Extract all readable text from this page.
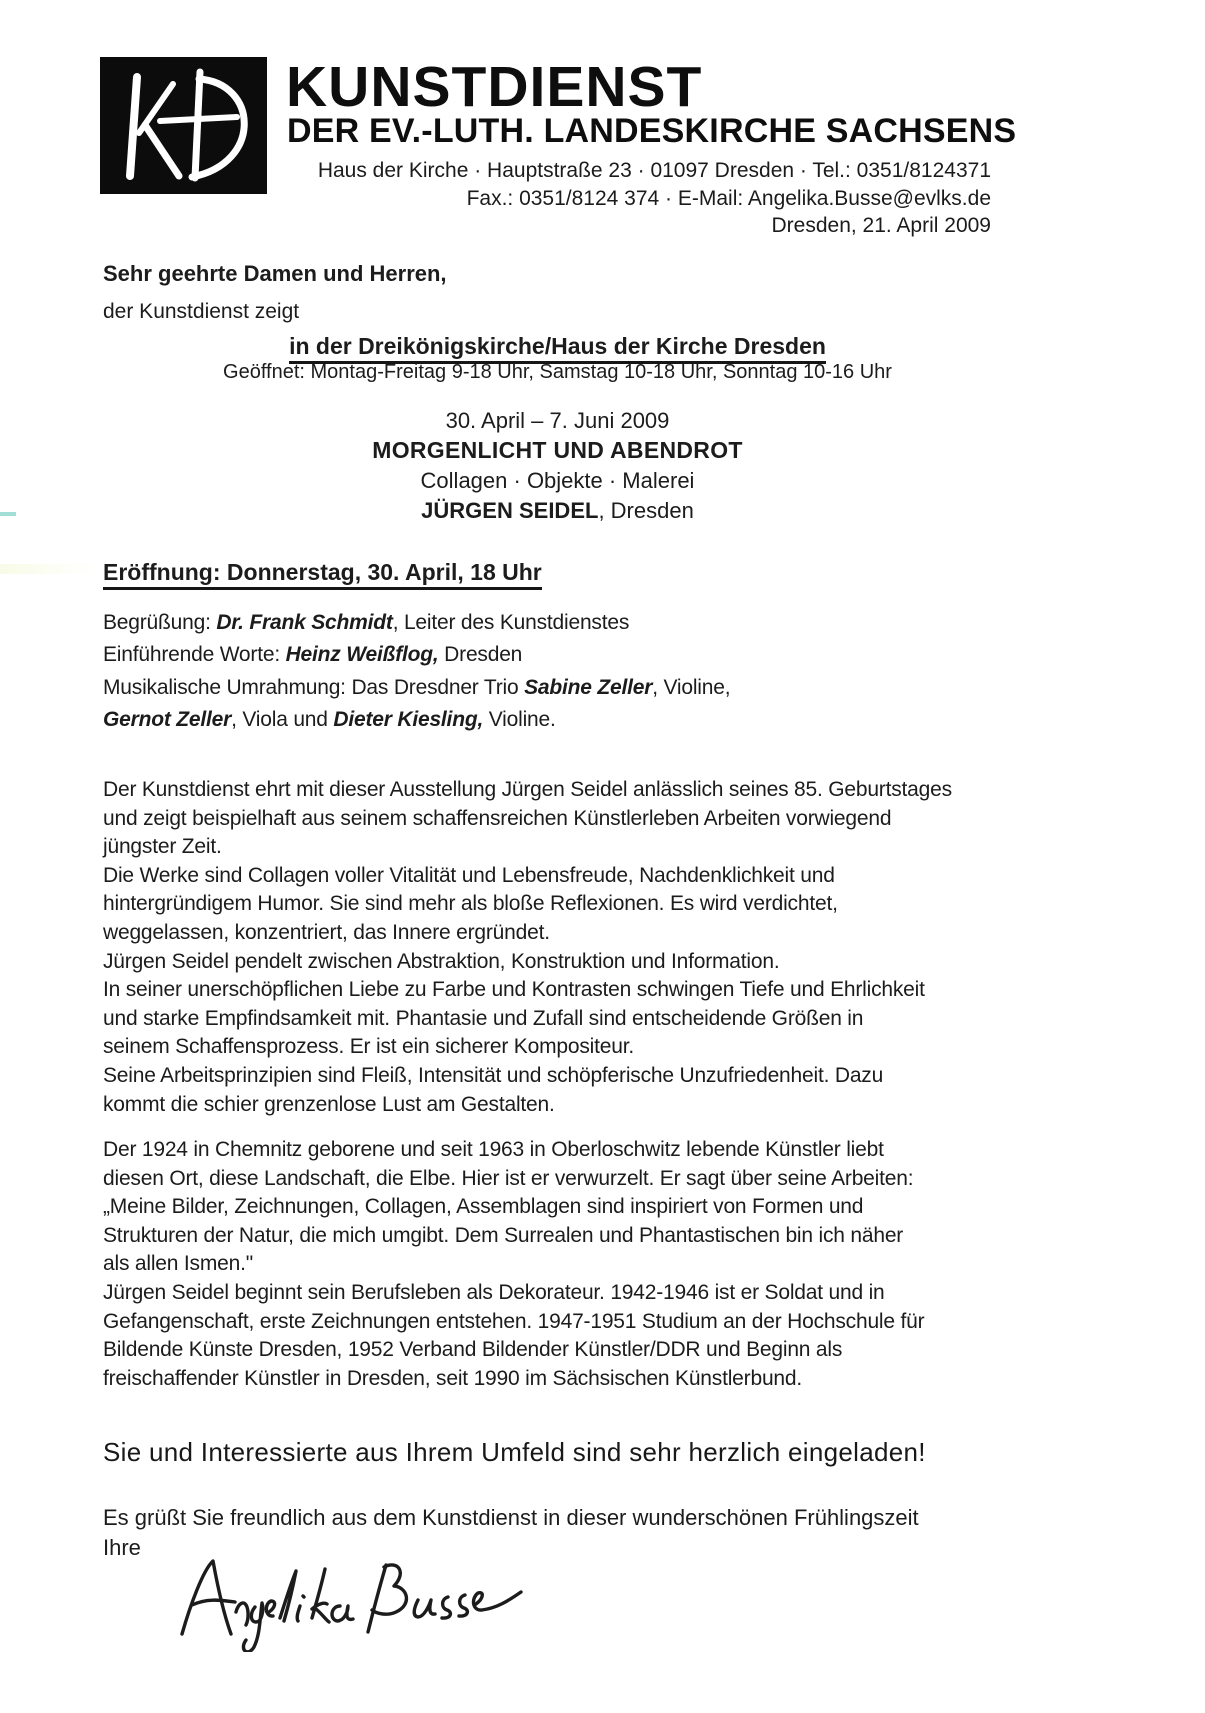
KUNSTDIENST
DER EV.-LUTH. LANDESKIRCHE SACHSENS
Haus der Kirche · Hauptstraße 23 · 01097 Dresden · Tel.: 0351/8124371
Fax.: 0351/8124 374 · E-Mail: Angelika.Busse@evlks.de
Dresden, 21. April 2009
Sehr geehrte Damen und Herren,
der Kunstdienst zeigt
in der Dreikönigskirche/Haus der Kirche Dresden
Geöffnet: Montag-Freitag 9-18 Uhr, Samstag 10-18 Uhr, Sonntag 10-16 Uhr
30. April – 7. Juni 2009
MORGENLICHT UND ABENDROT
Collagen · Objekte · Malerei
JÜRGEN SEIDEL, Dresden
Eröffnung: Donnerstag, 30. April, 18 Uhr
Begrüßung: Dr. Frank Schmidt, Leiter des Kunstdienstes
Einführende Worte: Heinz Weißflog, Dresden
Musikalische Umrahmung: Das Dresdner Trio Sabine Zeller, Violine,
Gernot Zeller, Viola und Dieter Kiesling, Violine.
Der Kunstdienst ehrt mit dieser Ausstellung Jürgen Seidel anlässlich seines 85. Geburtstages
und zeigt beispielhaft aus seinem schaffensreichen Künstlerleben Arbeiten vorwiegend
jüngster Zeit.
Die Werke sind Collagen voller Vitalität und Lebensfreude, Nachdenklichkeit und
hintergründigem Humor. Sie sind mehr als bloße Reflexionen. Es wird verdichtet,
weggelassen, konzentriert, das Innere ergründet.
Jürgen Seidel pendelt zwischen Abstraktion, Konstruktion und Information.
In seiner unerschöpflichen Liebe zu Farbe und Kontrasten schwingen Tiefe und Ehrlichkeit
und starke Empfindsamkeit mit. Phantasie und Zufall sind entscheidende Größen in
seinem Schaffensprozess. Er ist ein sicherer Kompositeur.
Seine Arbeitsprinzipien sind Fleiß, Intensität und schöpferische Unzufriedenheit. Dazu
kommt die schier grenzenlose Lust am Gestalten.
Der 1924 in Chemnitz geborene und seit 1963 in Oberloschwitz lebende Künstler liebt
diesen Ort, diese Landschaft, die Elbe. Hier ist er verwurzelt. Er sagt über seine Arbeiten:
„Meine Bilder, Zeichnungen, Collagen, Assemblagen sind inspiriert von Formen und
Strukturen der Natur, die mich umgibt. Dem Surrealen und Phantastischen bin ich näher
als allen Ismen."
Jürgen Seidel beginnt sein Berufsleben als Dekorateur. 1942-1946 ist er Soldat und in
Gefangenschaft, erste Zeichnungen entstehen. 1947-1951 Studium an der Hochschule für
Bildende Künste Dresden, 1952 Verband Bildender Künstler/DDR und Beginn als
freischaffender Künstler in Dresden, seit 1990 im Sächsischen Künstlerbund.
Sie und Interessierte aus Ihrem Umfeld sind sehr herzlich eingeladen!
Es grüßt Sie freundlich aus dem Kunstdienst in dieser wunderschönen Frühlingszeit
Ihre
